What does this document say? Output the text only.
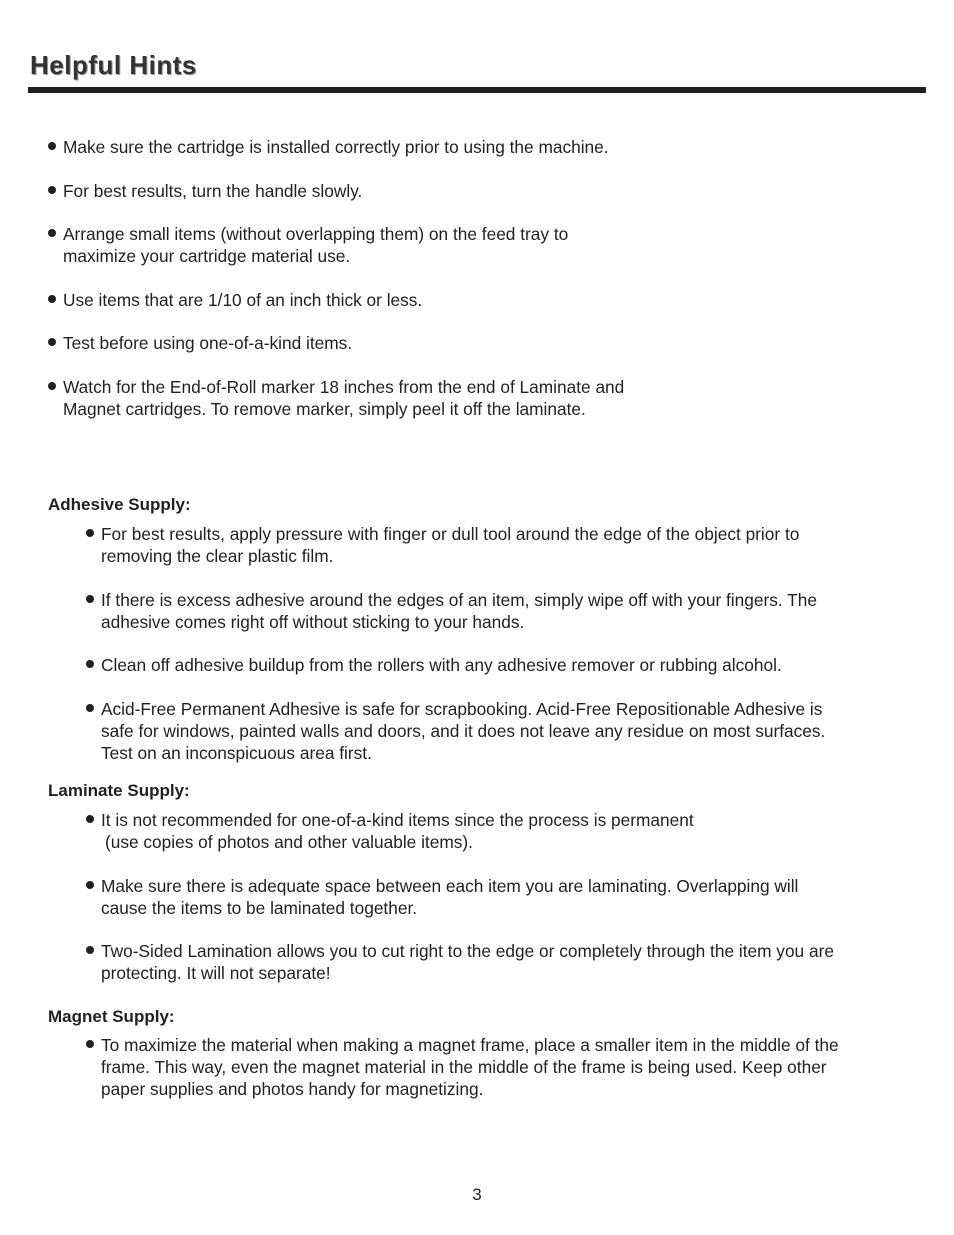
Helpful Hints
Make sure the cartridge is installed correctly prior to using the machine.
For best results, turn the handle slowly.
Arrange small items (without overlapping them) on the feed tray to
maximize your cartridge material use.
Use items that are 1/10 of an inch thick or less.
Test before using one-of-a-kind items.
Watch for the End-of-Roll marker 18 inches from the end of Laminate and
Magnet cartridges. To remove marker, simply peel it off the laminate.
Adhesive Supply:
For best results, apply pressure with finger or dull tool around the edge of the object prior to
removing the clear plastic film.
If there is excess adhesive around the edges of an item, simply wipe off with your fingers. The
adhesive comes right off without sticking to your hands.
Clean off adhesive buildup from the rollers with any adhesive remover or rubbing alcohol.
Acid-Free Permanent Adhesive is safe for scrapbooking. Acid-Free Repositionable Adhesive is
safe for windows, painted walls and doors, and it does not leave any residue on most surfaces.
Test on an inconspicuous area first.
Laminate Supply:
It is not recommended for one-of-a-kind items since the process is permanent
(use copies of photos and other valuable items).
Make sure there is adequate space between each item you are laminating. Overlapping will
cause the items to be laminated together.
Two-Sided Lamination allows you to cut right to the edge or completely through the item you are
protecting. It will not separate!
Magnet Supply:
To maximize the material when making a magnet frame, place a smaller item in the middle of the
frame. This way, even the magnet material in the middle of the frame is being used. Keep other
paper supplies and photos handy for magnetizing.
3
